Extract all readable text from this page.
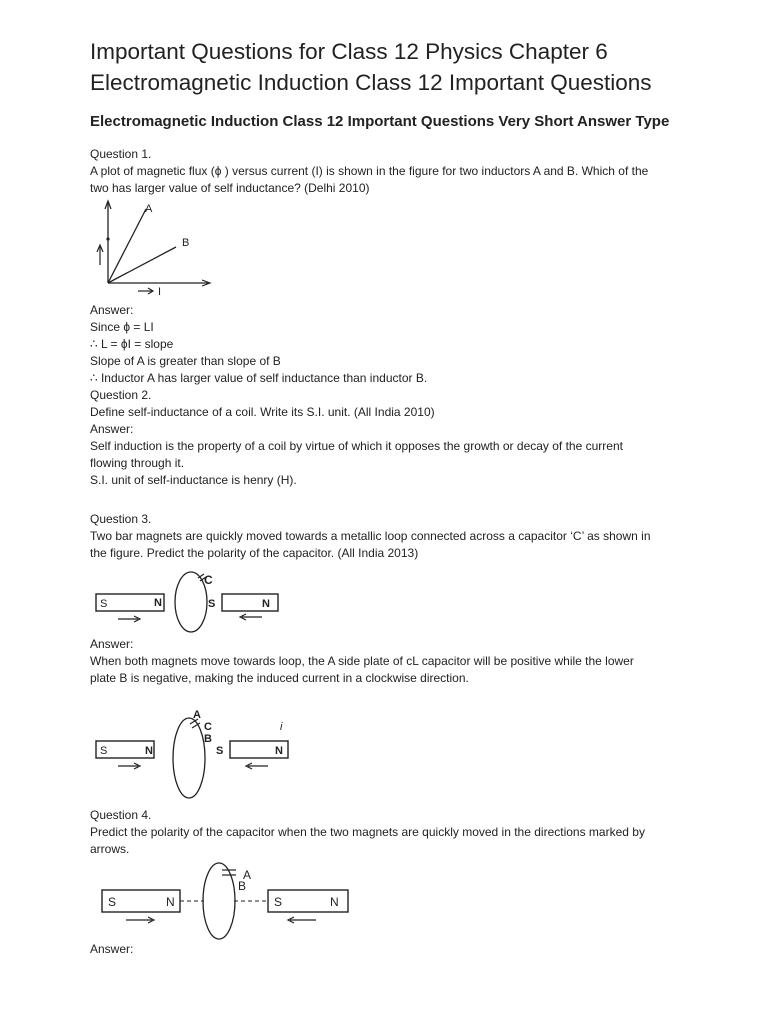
Important Questions for Class 12 Physics Chapter 6
Electromagnetic Induction Class 12 Important Questions
Electromagnetic Induction Class 12 Important Questions Very Short Answer Type

Question 1.

A plot of magnetic flux (ϕ ) versus current (I) is shown in the figure for two inductors A and B. Which of the

two has larger value of self inductance? (Delhi 2010)

A
B
I

Answer:

Since ϕ = LI

∴ L = ϕI = slope

Slope of A is greater than slope of B

∴ Inductor A has larger value of self inductance than inductor B.

Question 2.

Define self-inductance of a coil. Write its S.I. unit. (All India 2010)

Answer:

Self induction is the property of a coil by virtue of which it opposes the growth or decay of the current

flowing through it.

S.I. unit of self-inductance is henry (H).

Question 3.

Two bar magnets are quickly moved towards a metallic loop connected across a capacitor ‘C’ as shown in

the figure. Predict the polarity of the capacitor. (All India 2013)

S	N
C
S	N

Answer:

When both magnets move towards loop, the A side plate of cL capacitor will be positive while the lower

plate B is negative, making the induced current in a clockwise direction.

S	N
A
C
B
S	N
i

Question 4.

Predict the polarity of the capacitor when the two magnets are quickly moved in the directions marked by

arrows.

S	N
A
B
S	N

Answer:
